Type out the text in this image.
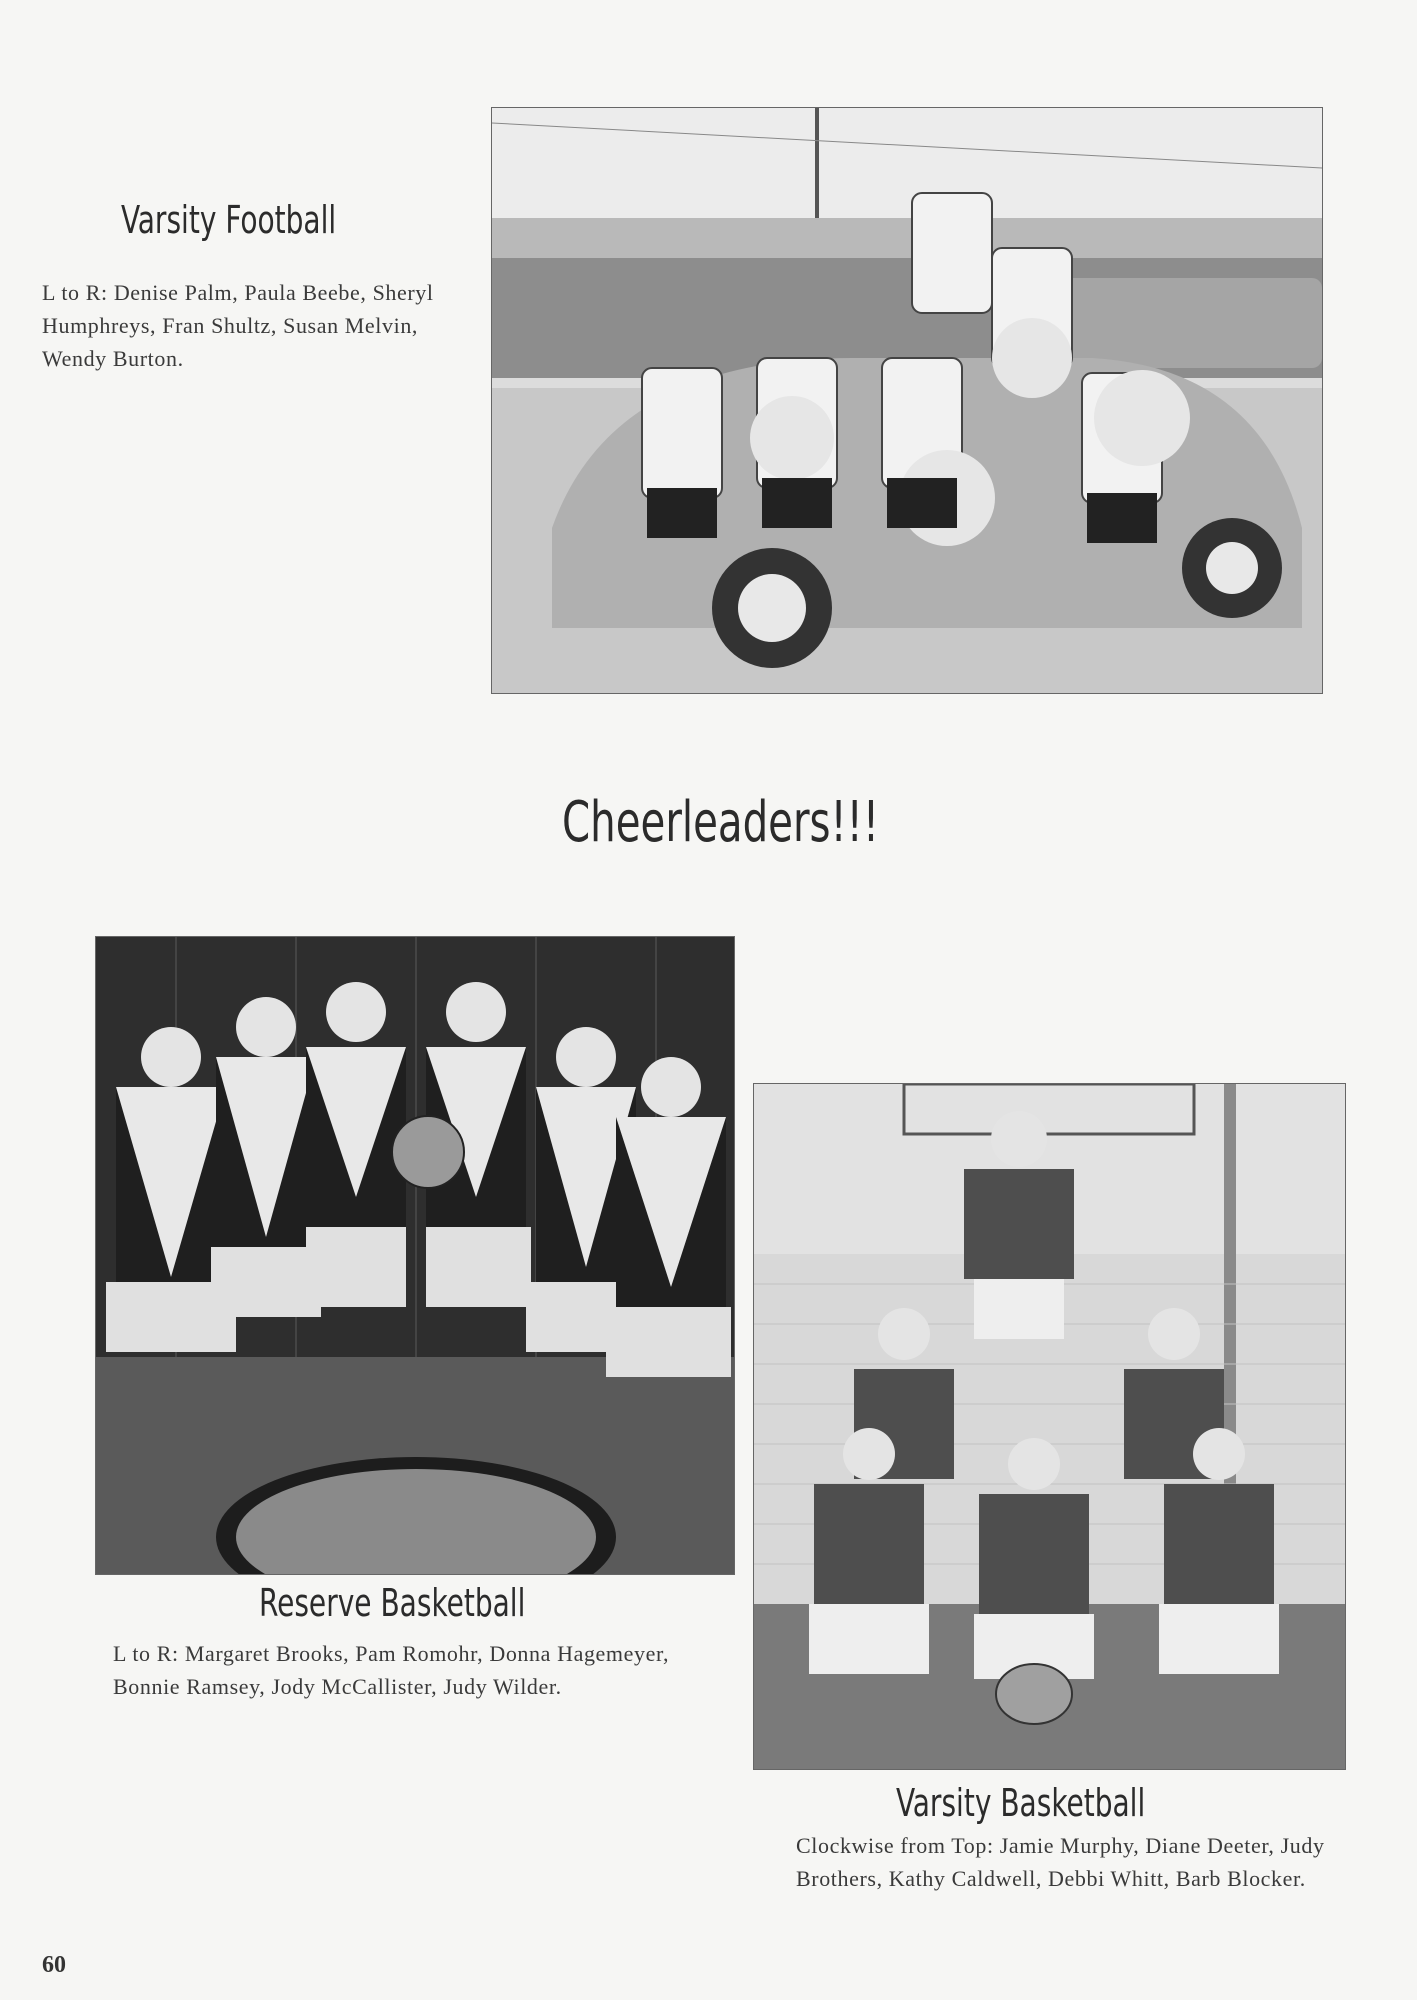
Varsity Football
L to R: Denise Palm, Paula Beebe, Sheryl Humphreys, Fran Shultz, Susan Melvin, Wendy Burton.
Cheerleaders!!!
Reserve Basketball
L to R: Margaret Brooks, Pam Romohr, Donna Hagemeyer, Bonnie Ramsey, Jody McCallister, Judy Wilder.
Varsity Basketball
Clockwise from Top: Jamie Murphy, Diane Deeter, Judy Brothers, Kathy Caldwell, Debbi Whitt, Barb Blocker.
60
